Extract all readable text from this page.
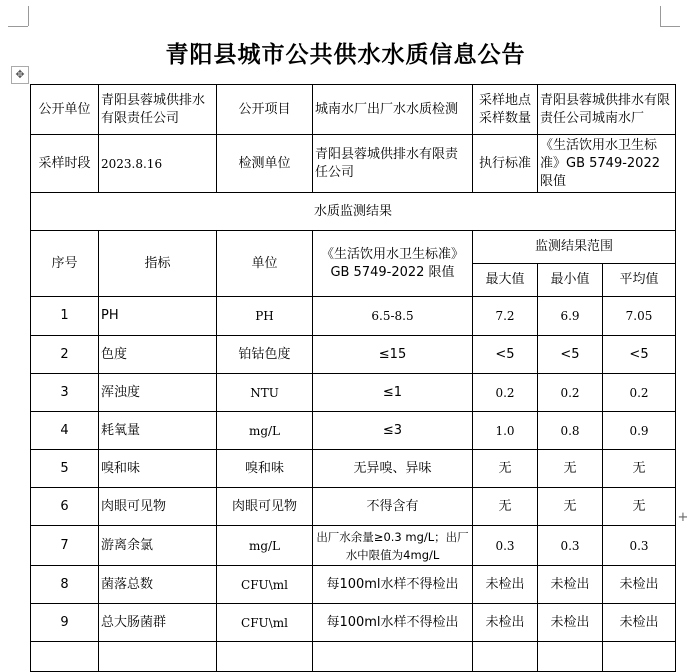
青阳县城市公共供水水质信息公告
✥
+
公开单位	青阳县蓉城供排水有限责任公司	公开项目	城南水厂出厂水水质检测	采样地点采样数量	青阳县蓉城供排水有限责任公司城南水厂	
采样时段	2023.8.16	检测单位	青阳县蓉城供排水有限责任公司	执行标准	《生活饮用水卫生标准》GB 5749-2022 限值	
水质监测结果						
序号	指标	单位	《生活饮用水卫生标准》GB 5749-2022 限值	监测结果范围		
				最大值	最小值	平均值
1	PH	PH	6.5-8.5	7.2	6.9	7.05
2	色度	铂钴色度	≤15	<5	<5	<5
3	浑浊度	NTU	≤1	0.2	0.2	0.2
4	耗氧量	mg/L	≤3	1.0	0.8	0.9
5	嗅和味	嗅和味	无异嗅、异味	无	无	无
6	肉眼可见物	肉眼可见物	不得含有	无	无	无
7	游离余氯	mg/L	出厂水余量≥0.3 mg/L；出厂水中限值为4mg/L	0.3	0.3	0.3
8	菌落总数	CFU\ml	每100ml水样不得检出	未检出	未检出	未检出
9	总大肠菌群	CFU\ml	每100ml水样不得检出	未检出	未检出	未检出
